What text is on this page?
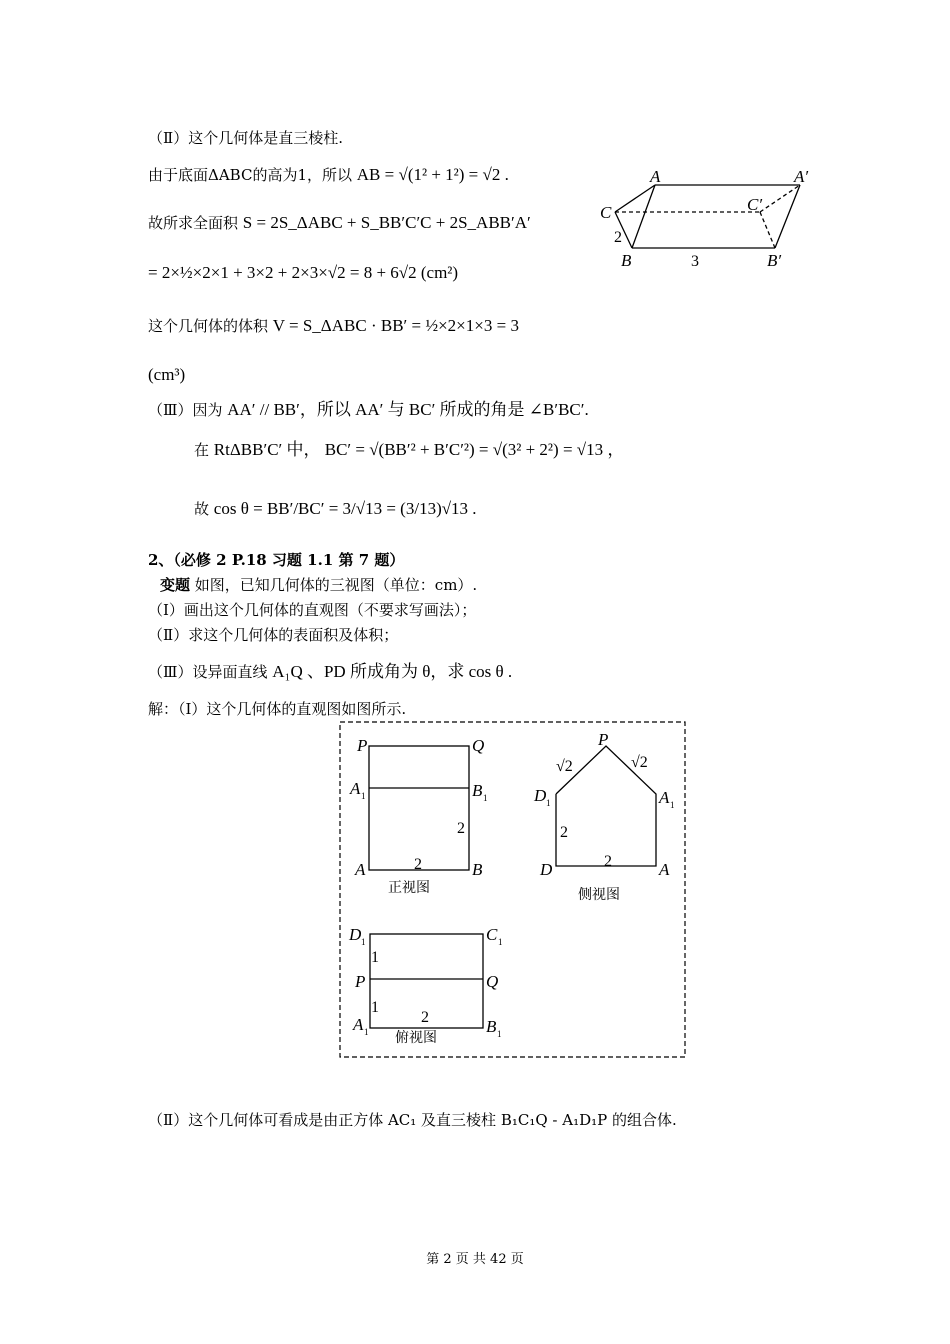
（Ⅱ）这个几何体是直三棱柱.
由于底面ΔABC的高为1，所以 AB = √(1² + 1²) = √2 .
故所求全面积 S = 2S_ΔABC + S_BB′C′C + 2S_ABB′A′
= 2×½×2×1 + 3×2 + 2×3×√2 = 8 + 6√2 (cm²)
这个几何体的体积 V = S_ΔABC · BB′ = ½×2×1×3 = 3
(cm³)
A	A′
C	C′
2
B	3	B′
（Ⅲ）因为 AA′ // BB′，所以 AA′ 与 BC′ 所成的角是 ∠B′BC′.
在 RtΔBB′C′ 中， BC′ = √(BB′² + B′C′²) = √(3² + 2²) = √13 ，
故 cos θ = BB′/BC′ = 3/√13 = (3/13)√13 .
2、（必修 2 P.18 习题 1.1 第 7 题）
变题 如图，已知几何体的三视图（单位：cm）.
（Ⅰ）画出这个几何体的直观图（不要求写画法）；
（Ⅱ）求这个几何体的表面积及体积；
（Ⅲ）设异面直线 A₁Q 、PD 所成角为 θ，求 cos θ .
解：（Ⅰ）这个几何体的直观图如图所示.
P	Q
A 1	B 1
2
A	2	B
正视图
P
√2	√2
D 1	A 1
2
D	2	A
侧视图
D 1	C 1
1
P	Q
1
A 1
2	B 1
俯视图
（Ⅱ）这个几何体可看成是由正方体 AC₁ 及直三棱柱 B₁C₁Q - A₁D₁P 的组合体.
第 2 页 共 42 页
